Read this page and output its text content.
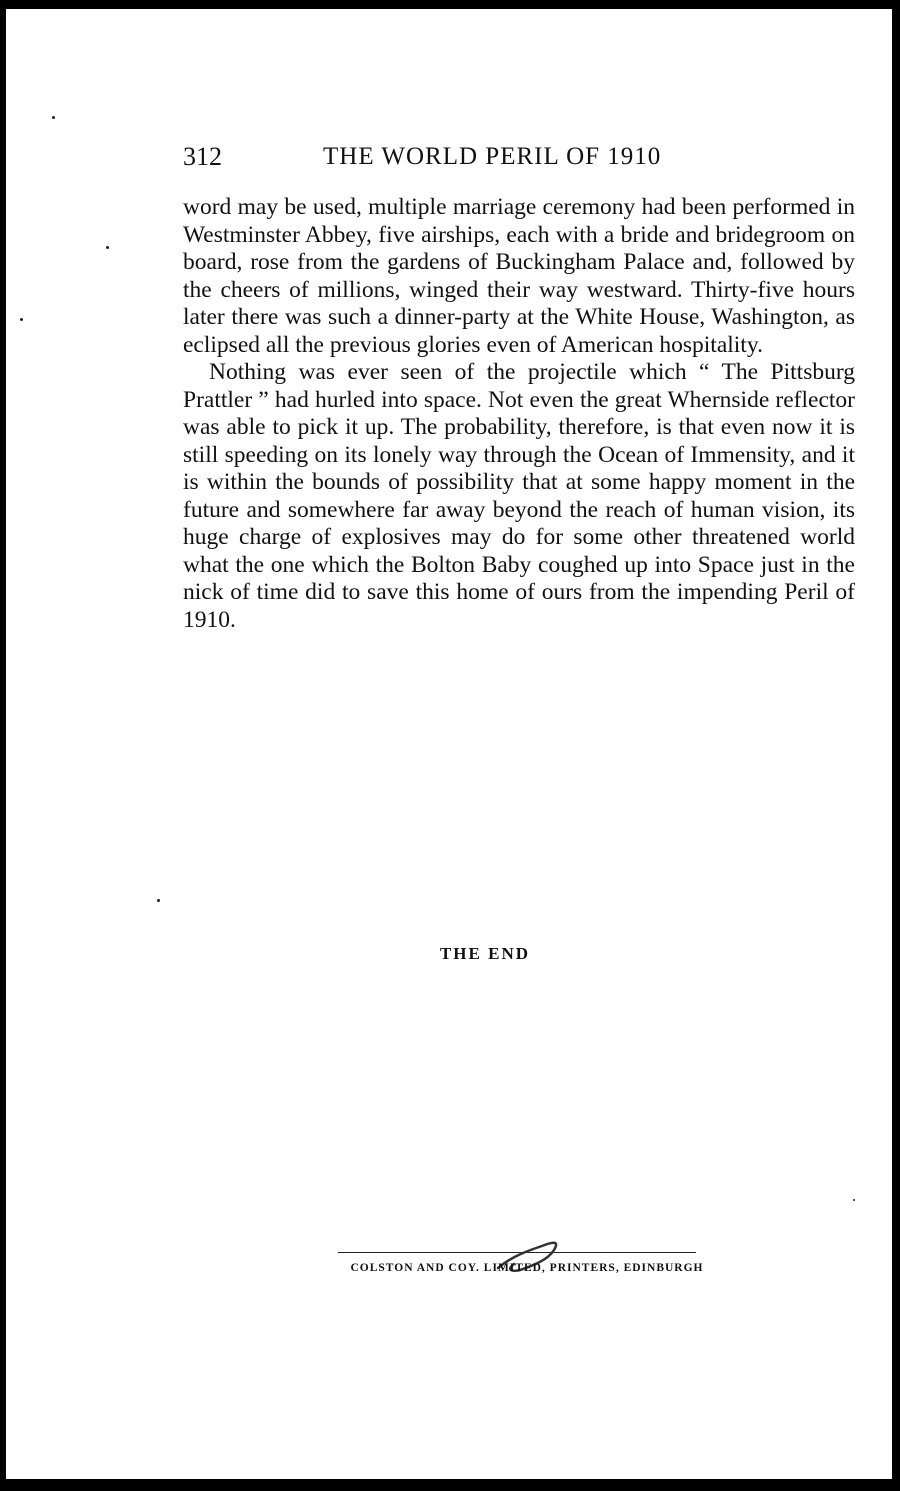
312	THE WORLD PERIL OF 1910

word may be used, multiple marriage ceremony had been performed in Westminster Abbey, five airships, each with a bride and bridegroom on board, rose from the gardens of Buckingham Palace and, followed by the cheers of millions, winged their way westward. Thirty-five hours later there was such a dinner-party at the White House, Washington, as eclipsed all the previous glories even of American hospitality.

Nothing was ever seen of the projectile which “ The Pittsburg Prattler ” had hurled into space. Not even the great Whernside reflector was able to pick it up. The probability, therefore, is that even now it is still speeding on its lonely way through the Ocean of Immensity, and it is within the bounds of possibility that at some happy moment in the future and somewhere far away beyond the reach of human vision, its huge charge of explosives may do for some other threatened world what the one which the Bolton Baby coughed up into Space just in the nick of time did to save this home of ours from the impending Peril of 1910.

THE END
COLSTON AND COY. LIMITED, PRINTERS, EDINBURGH
